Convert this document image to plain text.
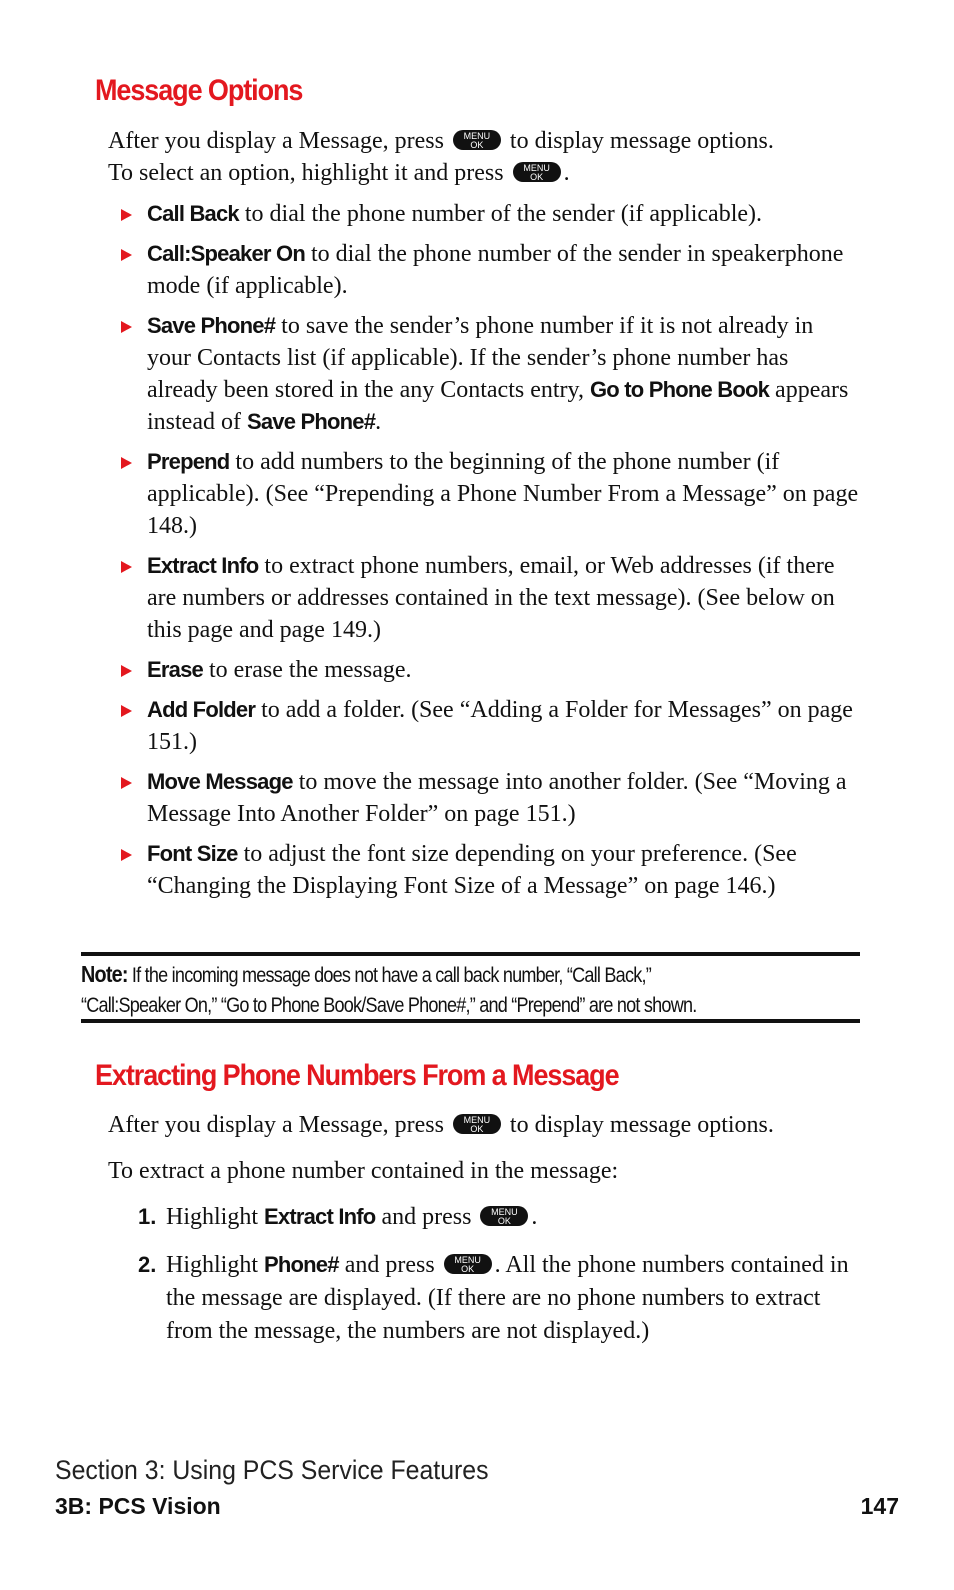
Message Options

After you display a Message, press	MENU
OK	to display message options.
To select an option, highlight it and press	MENU
OK .

Call Back to dial the phone number of the sender (if applicable).
Call:Speaker On to dial the phone number of the sender in speakerphone mode (if applicable).
Save Phone# to save the sender’s phone number if it is not already in your Contacts list (if applicable). If the sender’s phone number has already been stored in the any Contacts entry, Go to Phone Book appears instead of Save Phone#.
Prepend to add numbers to the beginning of the phone number (if applicable). (See “Prepending a Phone Number From a Message” on page 148.)
Extract Info to extract phone numbers, email, or Web addresses (if there are numbers or addresses contained in the text message). (See below on this page and page 149.)
Erase to erase the message.
Add Folder to add a folder. (See “Adding a Folder for Messages” on page 151.)
Move Message to move the message into another folder. (See “Moving a Message Into Another Folder” on page 151.)
Font Size to adjust the font size depending on your preference. (See “Changing the Displaying Font Size of a Message” on page 146.)
Note: If the incoming message does not have a call back number, “Call Back,”
“Call:Speaker On,” “Go to Phone Book/Save Phone#,” and “Prepend” are not shown.
Extracting Phone Numbers From a Message

After you display a Message, press	MENU
OK	to display message options.

To extract a phone number contained in the message:

1. Highlight Extract Info and press	MENU
OK .
2. Highlight Phone# and press	MENU
OK . All the phone numbers contained in the message are displayed. (If there are no phone numbers to extract from the message, the numbers are not displayed.)
Section 3: Using PCS Service Features
3B: PCS Vision	147
